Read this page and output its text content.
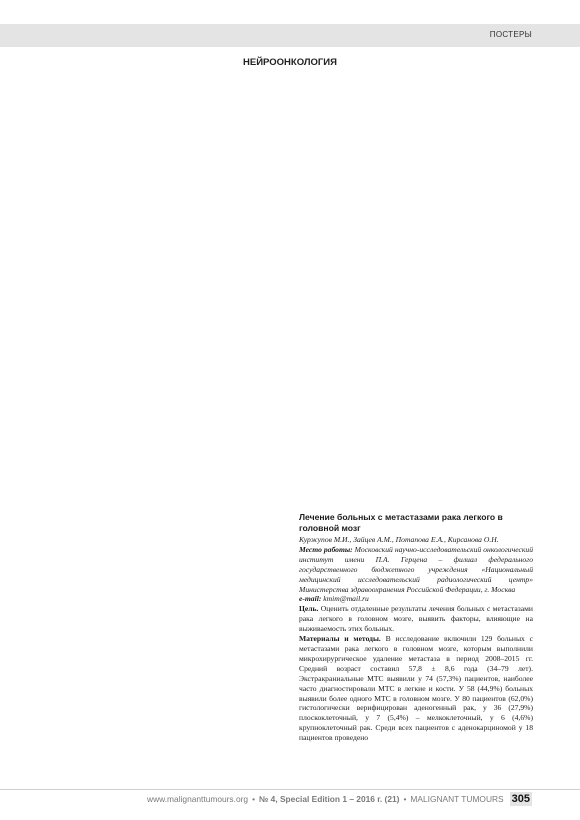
ПОСТЕРЫ
НЕЙРООНКОЛОГИЯ

Лечение больных с метастазами рака легкого в головной мозг

Куржупов М.И., Зайцев А.М., Потапова Е.А., Кирсанова О.Н.

Место работы: Московский научно-исследовательский онкологический институт имени П.А. Герцена – филиал федерального государственного бюджетного учреждения «Национальный медицинский исследовательский радиологический центр» Министерства здравоохранения Российской Федерации, г. Москва

e-mail: kmim@mail.ru

Цель. Оценить отдаленные результаты лечения больных с метастазами рака легкого в головном мозге, выявить факторы, влияющие на выживаемость этих больных.

Материалы и методы. В исследование включили 129 больных с метастазами рака легкого в головном мозге, которым выполнили микрохирургическое удаление метастаза в период 2008–2015 гг. Средний возраст составил 57,8 ± 8,6 года (34–79 лет). Экстракраниальные МТС выявили у 74 (57,3%) пациентов, наиболее часто диагностировали МТС в легкие и кости. У 58 (44,9%) больных выявили более одного МТС в головном мозге. У 80 пациентов (62,0%) гистологически верифицирован аденогенный рак, у 36 (27,9%) плоскоклеточный, у 7 (5,4%) – мелкоклеточный, у 6 (4,6%) крупноклеточный рак. Среди всех пациентов с аденокарциномой у 18 пациентов проведено

www.malignanttumours.org • № 4, Special Edition 1 – 2016 г. (21) • MALIGNANT TUMOURS 305
